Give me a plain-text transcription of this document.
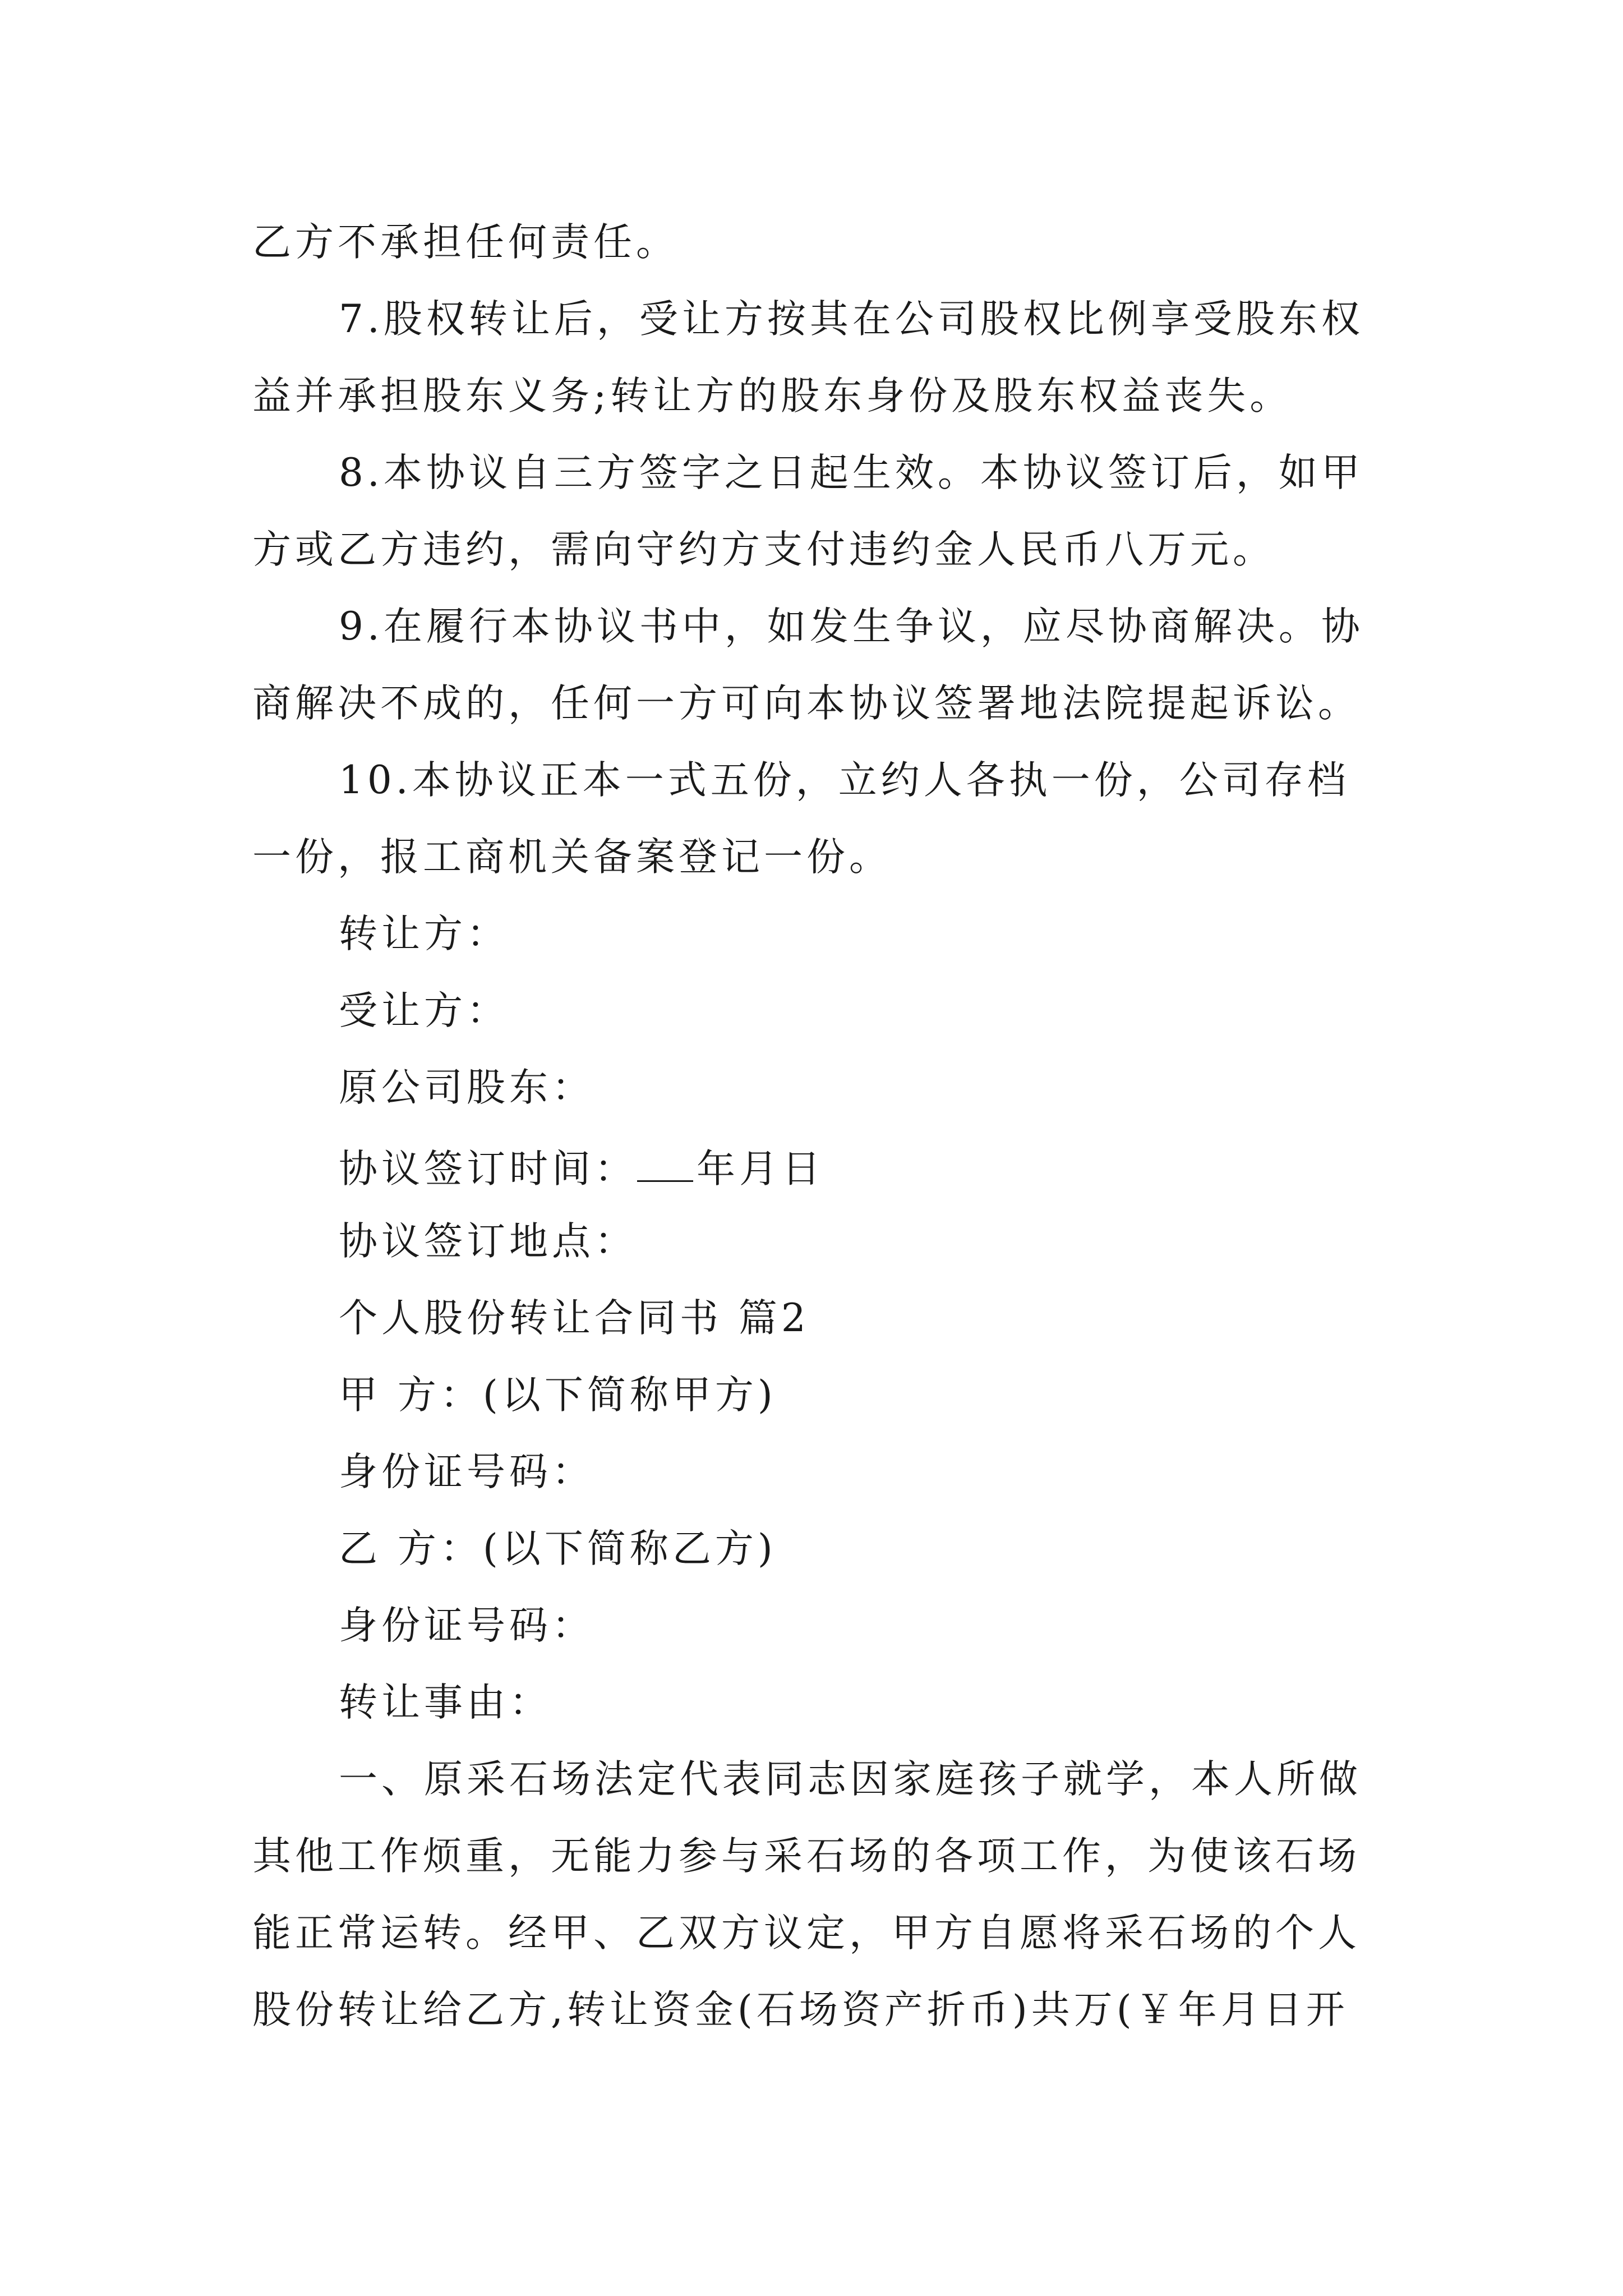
乙方不承担任何责任。
7.股权转让后，受让方按其在公司股权比例享受股东权
益并承担股东义务;转让方的股东身份及股东权益丧失。
8.本协议自三方签字之日起生效。本协议签订后，如甲
方或乙方违约，需向守约方支付违约金人民币八万元。
9.在履行本协议书中，如发生争议，应尽协商解决。协
商解决不成的，任何一方可向本协议签署地法院提起诉讼。
10.本协议正本一式五份，立约人各执一份，公司存档
一份，报工商机关备案登记一份。
转让方：
受让方：
原公司股东：
协议签订时间： 年月日
协议签订地点：
个人股份转让合同书 篇2
甲 方：(以下简称甲方)
身份证号码：
乙 方：(以下简称乙方)
身份证号码：
转让事由：
一、原采石场法定代表同志因家庭孩子就学，本人所做
其他工作烦重，无能力参与采石场的各项工作，为使该石场
能正常运转。经甲、乙双方议定，甲方自愿将采石场的个人
股份转让给乙方,转让资金(石场资产折币)共万(￥年月日开
